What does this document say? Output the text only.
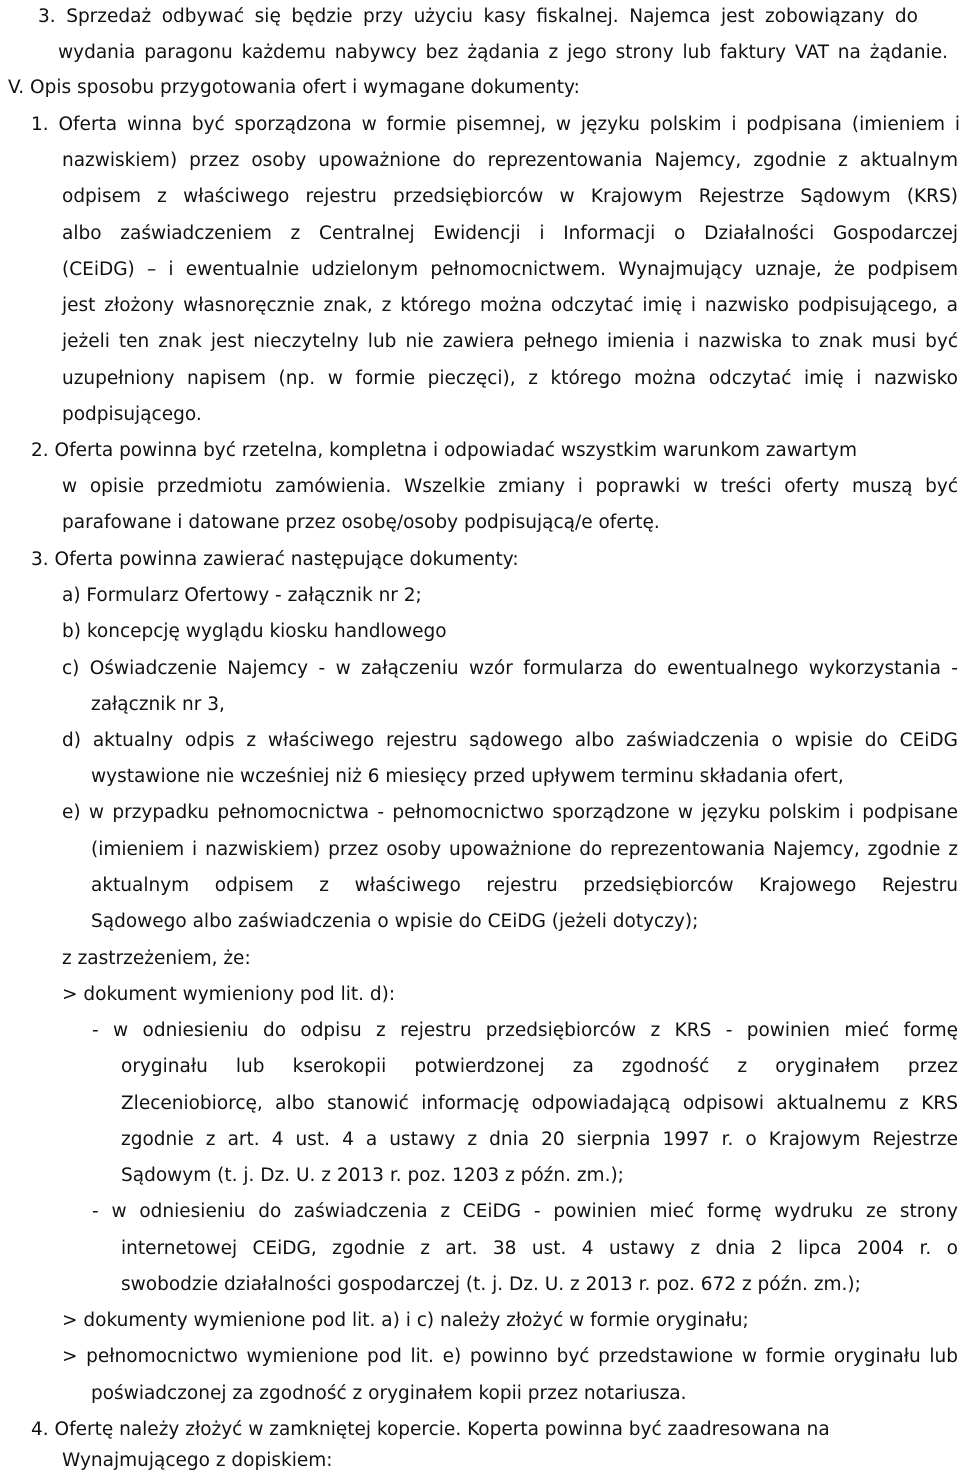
3. Sprzedaż odbywać się będzie przy użyciu kasy fiskalnej. Najemca jest zobowiązany do
wydania paragonu każdemu nabywcy bez żądania z jego strony lub faktury VAT na żądanie.
V. Opis sposobu przygotowania ofert i wymagane dokumenty:
1. Oferta winna być sporządzona w formie pisemnej, w języku polskim i podpisana (imieniem i
nazwiskiem) przez osoby upoważnione do reprezentowania Najemcy, zgodnie z aktualnym
odpisem z właściwego rejestru przedsiębiorców w Krajowym Rejestrze Sądowym (KRS)
albo zaświadczeniem z Centralnej Ewidencji i Informacji o Działalności Gospodarczej
(CEiDG) – i ewentualnie udzielonym pełnomocnictwem. Wynajmujący uznaje, że podpisem
jest złożony własnoręcznie znak, z którego można odczytać imię i nazwisko podpisującego, a
jeżeli ten znak jest nieczytelny lub nie zawiera pełnego imienia i nazwiska to znak musi być
uzupełniony napisem (np. w formie pieczęci), z którego można odczytać imię i nazwisko
podpisującego.
2. Oferta powinna być rzetelna, kompletna i odpowiadać wszystkim warunkom zawartym
w opisie przedmiotu zamówienia. Wszelkie zmiany i poprawki w treści oferty muszą być
parafowane i datowane przez osobę/osoby podpisującą/e ofertę.
3. Oferta powinna zawierać następujące dokumenty:
a) Formularz Ofertowy - załącznik nr 2;
b) koncepcję wyglądu kiosku handlowego
c) Oświadczenie Najemcy - w załączeniu wzór formularza do ewentualnego wykorzystania -
załącznik nr 3,
d) aktualny odpis z właściwego rejestru sądowego albo zaświadczenia o wpisie do CEiDG
wystawione nie wcześniej niż 6 miesięcy przed upływem terminu składania ofert,
e) w przypadku pełnomocnictwa - pełnomocnictwo sporządzone w języku polskim i podpisane
(imieniem i nazwiskiem) przez osoby upoważnione do reprezentowania Najemcy, zgodnie z
aktualnym odpisem z właściwego rejestru przedsiębiorców Krajowego Rejestru
Sądowego albo zaświadczenia o wpisie do CEiDG (jeżeli dotyczy);
z zastrzeżeniem, że:
> dokument wymieniony pod lit. d):
- w odniesieniu do odpisu z rejestru przedsiębiorców z KRS - powinien mieć formę
oryginału lub kserokopii potwierdzonej za zgodność z oryginałem przez
Zleceniobiorcę, albo stanowić informację odpowiadającą odpisowi aktualnemu z KRS
zgodnie z art. 4 ust. 4 a ustawy z dnia 20 sierpnia 1997 r. o Krajowym Rejestrze
Sądowym (t. j. Dz. U. z 2013 r. poz. 1203 z późn. zm.);
- w odniesieniu do zaświadczenia z CEiDG - powinien mieć formę wydruku ze strony
internetowej CEiDG, zgodnie z art. 38 ust. 4 ustawy z dnia 2 lipca 2004 r. o
swobodzie działalności gospodarczej (t. j. Dz. U. z 2013 r. poz. 672 z późn. zm.);
> dokumenty wymienione pod lit. a) i c) należy złożyć w formie oryginału;
> pełnomocnictwo wymienione pod lit. e) powinno być przedstawione w formie oryginału lub
poświadczonej za zgodność z oryginałem kopii przez notariusza.
4. Ofertę należy złożyć w zamkniętej kopercie. Koperta powinna być zaadresowana na
Wynajmującego z dopiskiem:
